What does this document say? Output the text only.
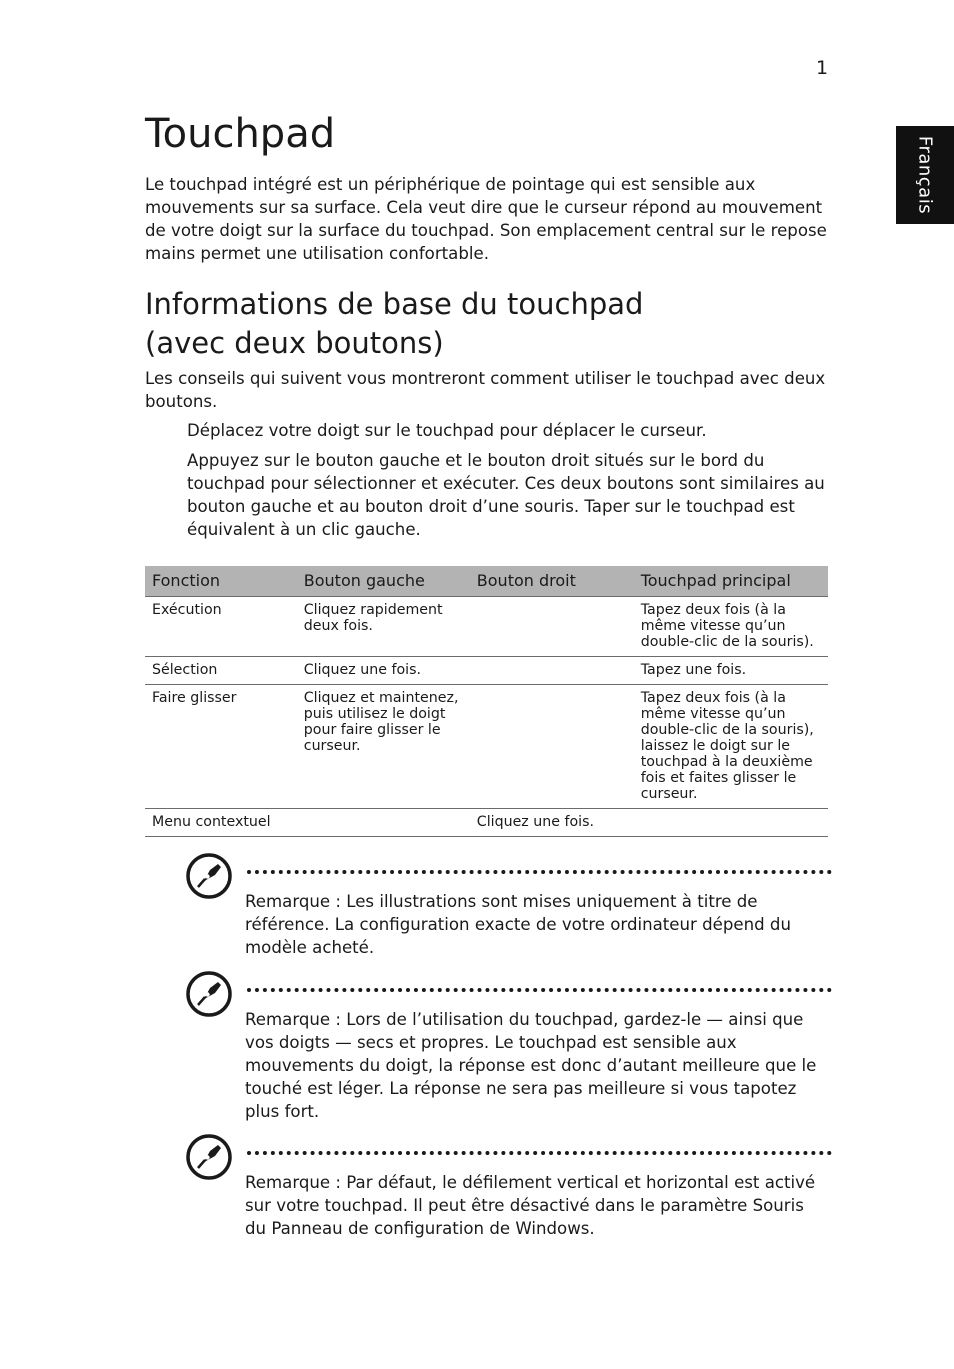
1
Français
Touchpad

Le touchpad intégré est un périphérique de pointage qui est sensible aux mouvements sur sa surface. Cela veut dire que le curseur répond au mouvement de votre doigt sur la surface du touchpad. Son emplacement central sur le repose mains permet une utilisation confortable.

Informations de base du touchpad (avec deux boutons)

Les conseils qui suivent vous montreront comment utiliser le touchpad avec deux boutons.

Déplacez votre doigt sur le touchpad pour déplacer le curseur.

Appuyez sur le bouton gauche et le bouton droit situés sur le bord du touchpad pour sélectionner et exécuter. Ces deux boutons sont similaires au bouton gauche et au bouton droit d’une souris. Taper sur le touchpad est équivalent à un clic gauche.

Fonction	Bouton gauche	Bouton droit	Touchpad principal
Exécution	Cliquez rapidement deux fois.		Tapez deux fois (à la même vitesse qu’un double-clic de la souris).
Sélection	Cliquez une fois.		Tapez une fois.
Faire glisser	Cliquez et maintenez, puis utilisez le doigt pour faire glisser le curseur.		Tapez deux fois (à la même vitesse qu’un double-clic de la souris), laissez le doigt sur le touchpad à la deuxième fois et faites glisser le curseur.
Menu contextuel		Cliquez une fois.	

Remarque : Les illustrations sont mises uniquement à titre de référence. La configuration exacte de votre ordinateur dépend du modèle acheté.

Remarque : Lors de l’utilisation du touchpad, gardez-le — ainsi que vos doigts — secs et propres. Le touchpad est sensible aux mouvements du doigt, la réponse est donc d’autant meilleure que le touché est léger. La réponse ne sera pas meilleure si vous tapotez plus fort.

Remarque : Par défaut, le défilement vertical et horizontal est activé sur votre touchpad. Il peut être désactivé dans le paramètre Souris du Panneau de configuration de Windows.
